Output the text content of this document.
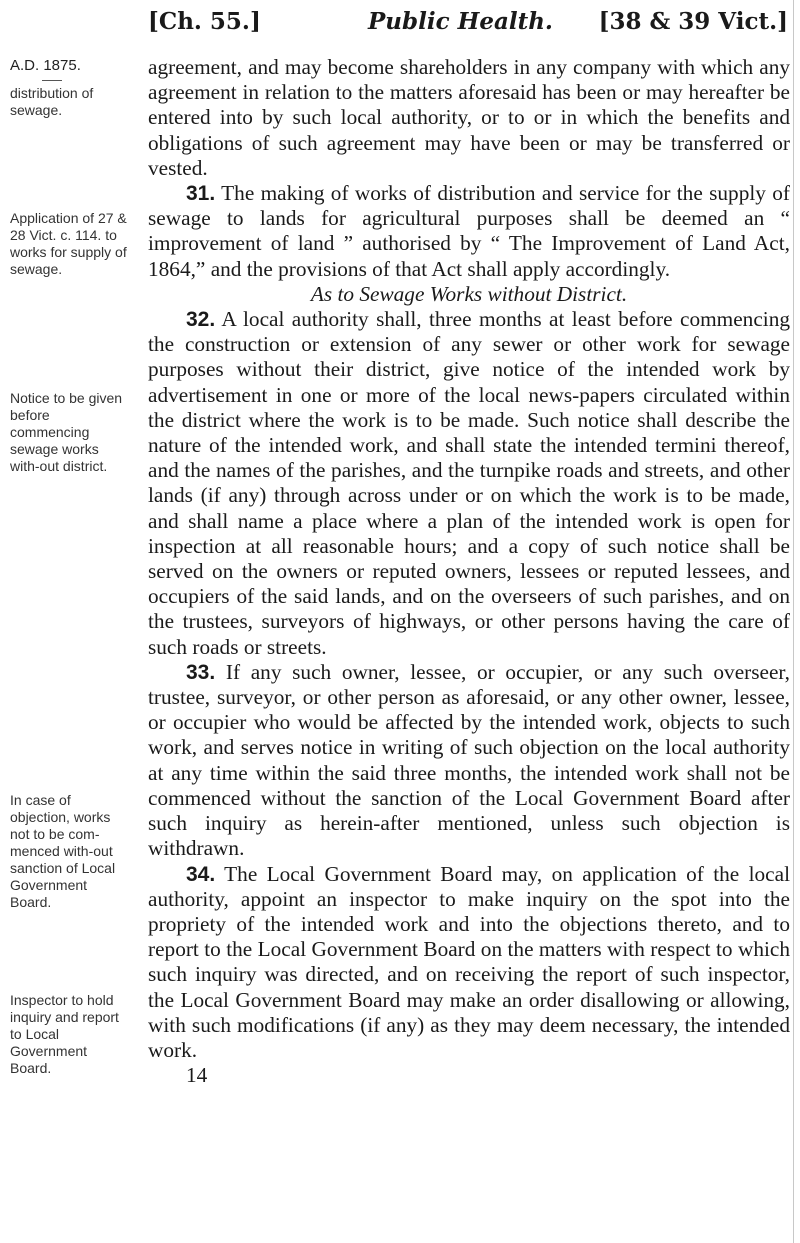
[Ch. 55.]	Public Health. [38 & 39 Vict.]
A.D. 1875.
distribution of sewage.
Application of 27 & 28 Vict. c. 114. to works for supply of sewage.
Notice to be given before commencing sewage works with-out district.
In case of objection, works not to be com-menced with-out sanction of Local Government Board.
Inspector to hold inquiry and report to Local Government Board.

agreement, and may become shareholders in any company with which any agreement in relation to the matters aforesaid has been or may hereafter be entered into by such local authority, or to or in which the benefits and obligations of such agreement may have been or may be transferred or vested.

31. The making of works of distribution and service for the supply of sewage to lands for agricultural purposes shall be deemed an “ improvement of land ” authorised by “ The Improvement of Land Act, 1864,” and the provisions of that Act shall apply accordingly.

As to Sewage Works without District.

32. A local authority shall, three months at least before commencing the construction or extension of any sewer or other work for sewage purposes without their district, give notice of the intended work by advertisement in one or more of the local news-papers circulated within the district where the work is to be made. Such notice shall describe the nature of the intended work, and shall state the intended termini thereof, and the names of the parishes, and the turnpike roads and streets, and other lands (if any) through across under or on which the work is to be made, and shall name a place where a plan of the intended work is open for inspection at all reasonable hours; and a copy of such notice shall be served on the owners or reputed owners, lessees or reputed lessees, and occupiers of the said lands, and on the overseers of such parishes, and on the trustees, surveyors of highways, or other persons having the care of such roads or streets.

33. If any such owner, lessee, or occupier, or any such overseer, trustee, surveyor, or other person as aforesaid, or any other owner, lessee, or occupier who would be affected by the intended work, objects to such work, and serves notice in writing of such objection on the local authority at any time within the said three months, the intended work shall not be commenced without the sanction of the Local Government Board after such inquiry as herein-after mentioned, unless such objection is withdrawn.

34. The Local Government Board may, on application of the local authority, appoint an inspector to make inquiry on the spot into the propriety of the intended work and into the objections thereto, and to report to the Local Government Board on the matters with respect to which such inquiry was directed, and on receiving the report of such inspector, the Local Government Board may make an order disallowing or allowing, with such modifications (if any) as they may deem necessary, the intended work.

14
